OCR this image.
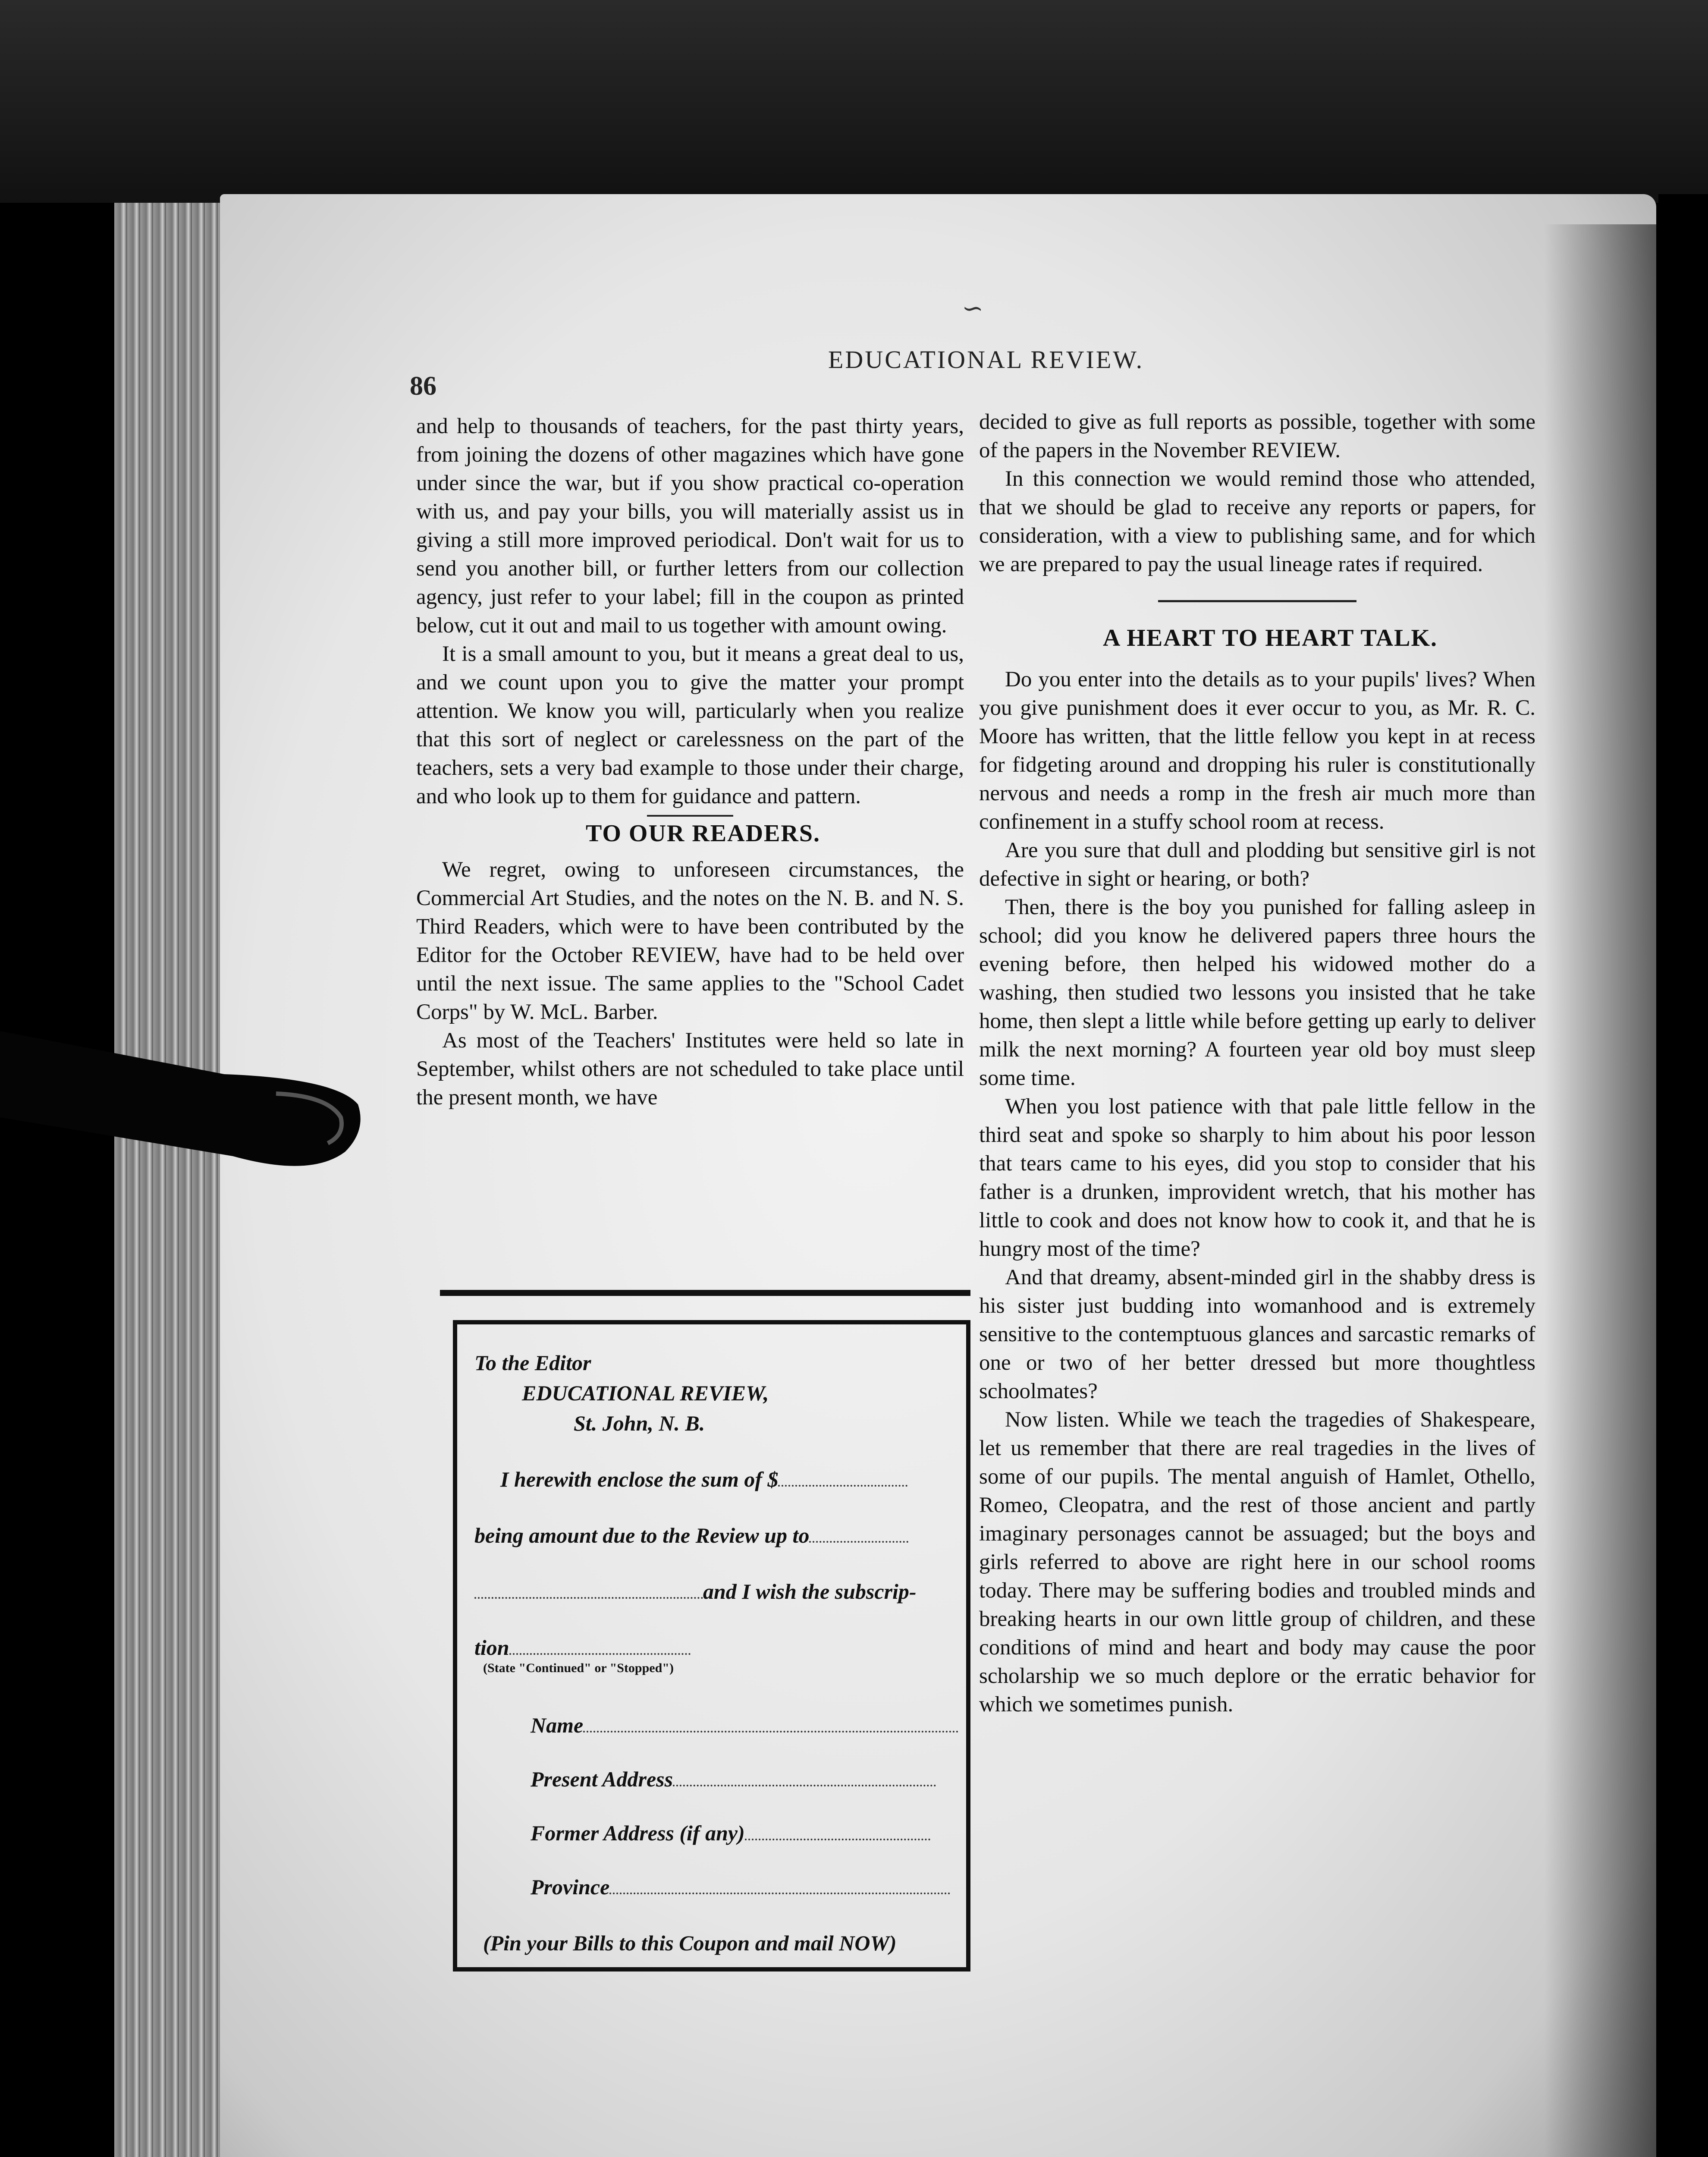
∽
86
EDUCATIONAL REVIEW.

and help to thousands of teachers, for the past thirty years, from joining the dozens of other magazines which have gone under since the war, but if you show practical co-operation with us, and pay your bills, you will materially assist us in giving a still more improved periodical. Don't wait for us to send you another bill, or further letters from our collection agency, just refer to your label; fill in the coupon as printed below, cut it out and mail to us together with amount owing.

It is a small amount to you, but it means a great deal to us, and we count upon you to give the matter your prompt attention. We know you will, particularly when you realize that this sort of neglect or carelessness on the part of the teachers, sets a very bad example to those under their charge, and who look up to them for guidance and pattern.

TO OUR READERS.

We regret, owing to unforeseen circumstances, the Commercial Art Studies, and the notes on the N. B. and N. S. Third Readers, which were to have been contributed by the Editor for the October REVIEW, have had to be held over until the next issue. The same applies to the "School Cadet Corps" by W. McL. Barber.

As most of the Teachers' Institutes were held so late in September, whilst others are not scheduled to take place until the present month, we have

decided to give as full reports as possible, together with some of the papers in the November REVIEW.

In this connection we would remind those who attended, that we should be glad to receive any reports or papers, for consideration, with a view to publishing same, and for which we are prepared to pay the usual lineage rates if required.

A HEART TO HEART TALK.

Do you enter into the details as to your pupils' lives? When you give punishment does it ever occur to you, as Mr. R. C. Moore has written, that the little fellow you kept in at recess for fidgeting around and dropping his ruler is constitutionally nervous and needs a romp in the fresh air much more than confinement in a stuffy school room at recess.

Are you sure that dull and plodding but sensitive girl is not defective in sight or hearing, or both?

Then, there is the boy you punished for falling asleep in school; did you know he delivered papers three hours the evening before, then helped his widowed mother do a washing, then studied two lessons you insisted that he take home, then slept a little while before getting up early to deliver milk the next morning? A fourteen year old boy must sleep some time.

When you lost patience with that pale little fellow in the third seat and spoke so sharply to him about his poor lesson that tears came to his eyes, did you stop to consider that his father is a drunken, improvident wretch, that his mother has little to cook and does not know how to cook it, and that he is hungry most of the time?

And that dreamy, absent-minded girl in the shabby dress is his sister just budding into womanhood and is extremely sensitive to the contemptuous glances and sarcastic remarks of one or two of her better dressed but more thoughtless schoolmates?

Now listen. While we teach the tragedies of Shakespeare, let us remember that there are real tragedies in the lives of some of our pupils. The mental anguish of Hamlet, Othello, Romeo, Cleopatra, and the rest of those ancient and partly imaginary personages cannot be assuaged; but the boys and girls referred to above are right here in our school rooms today. There may be suffering bodies and troubled minds and breaking hearts in our own little group of children, and these conditions of mind and heart and body may cause the poor scholarship we so much deplore or the erratic behavior for which we sometimes punish.

To the Editor
EDUCATIONAL REVIEW,
St. John, N. B.
I herewith enclose the sum of $
being amount due to the Review up to
and I wish the subscrip-
tion
(State "Continued" or "Stopped")
Name
Present Address
Former Address (if any)
Province
(Pin your Bills to this Coupon and mail NOW)
